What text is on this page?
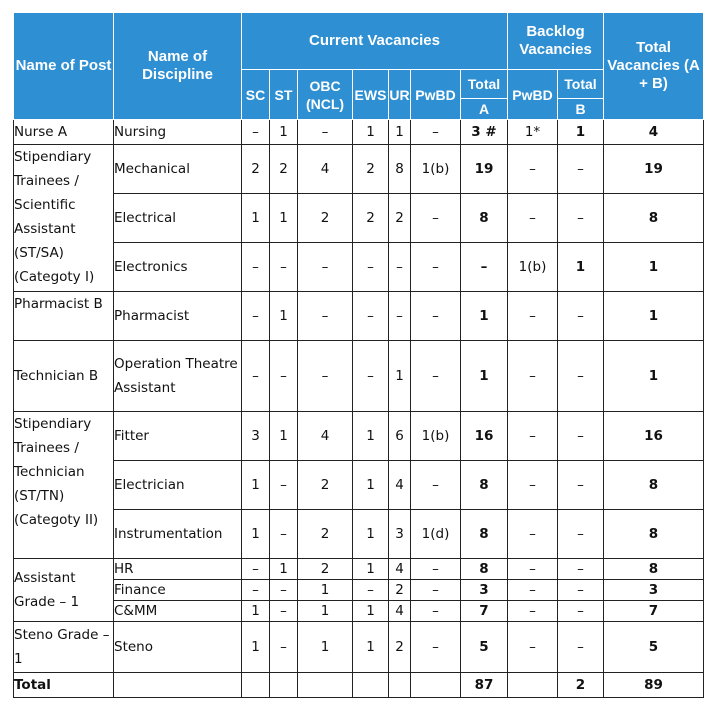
Name of Post	Name of Discipline	Current Vacancies							Backlog Vacancies		Total Vacancies (A + B)
		SC	ST	OBC (NCL)	EWS	UR	PwBD	Total	PwBD	Total	
								A		B	
Nurse A	Nursing	–	1	–	1	1	–	3 #	1*	1	4
Stipendiary Trainees / Scientific Assistant (ST/SA) (Categoty I)	Mechanical	2	2	4	2	8	1(b)	19	–	–	19
	Electrical	1	1	2	2	2	–	8	–	–	8
	Electronics	–	–	–	–	–	–	–	1(b)	1	1
Pharmacist B	Pharmacist	–	1	–	–	–	–	1	–	–	1
Technician B	Operation Theatre Assistant	–	–	–	–	1	–	1	–	–	1
Stipendiary Trainees / Technician (ST/TN) (Categoty II)	Fitter	3	1	4	1	6	1(b)	16	–	–	16
	Electrician	1	–	2	1	4	–	8	–	–	8
	Instrumentation	1	–	2	1	3	1(d)	8	–	–	8
Assistant Grade – 1	HR	–	1	2	1	4	–	8	–	–	8
	Finance	–	–	1	–	2	–	3	–	–	3
	C&MM	1	–	1	1	4	–	7	–	–	7
Steno Grade – 1	Steno	1	–	1	1	2	–	5	–	–	5
Total								87		2	89
